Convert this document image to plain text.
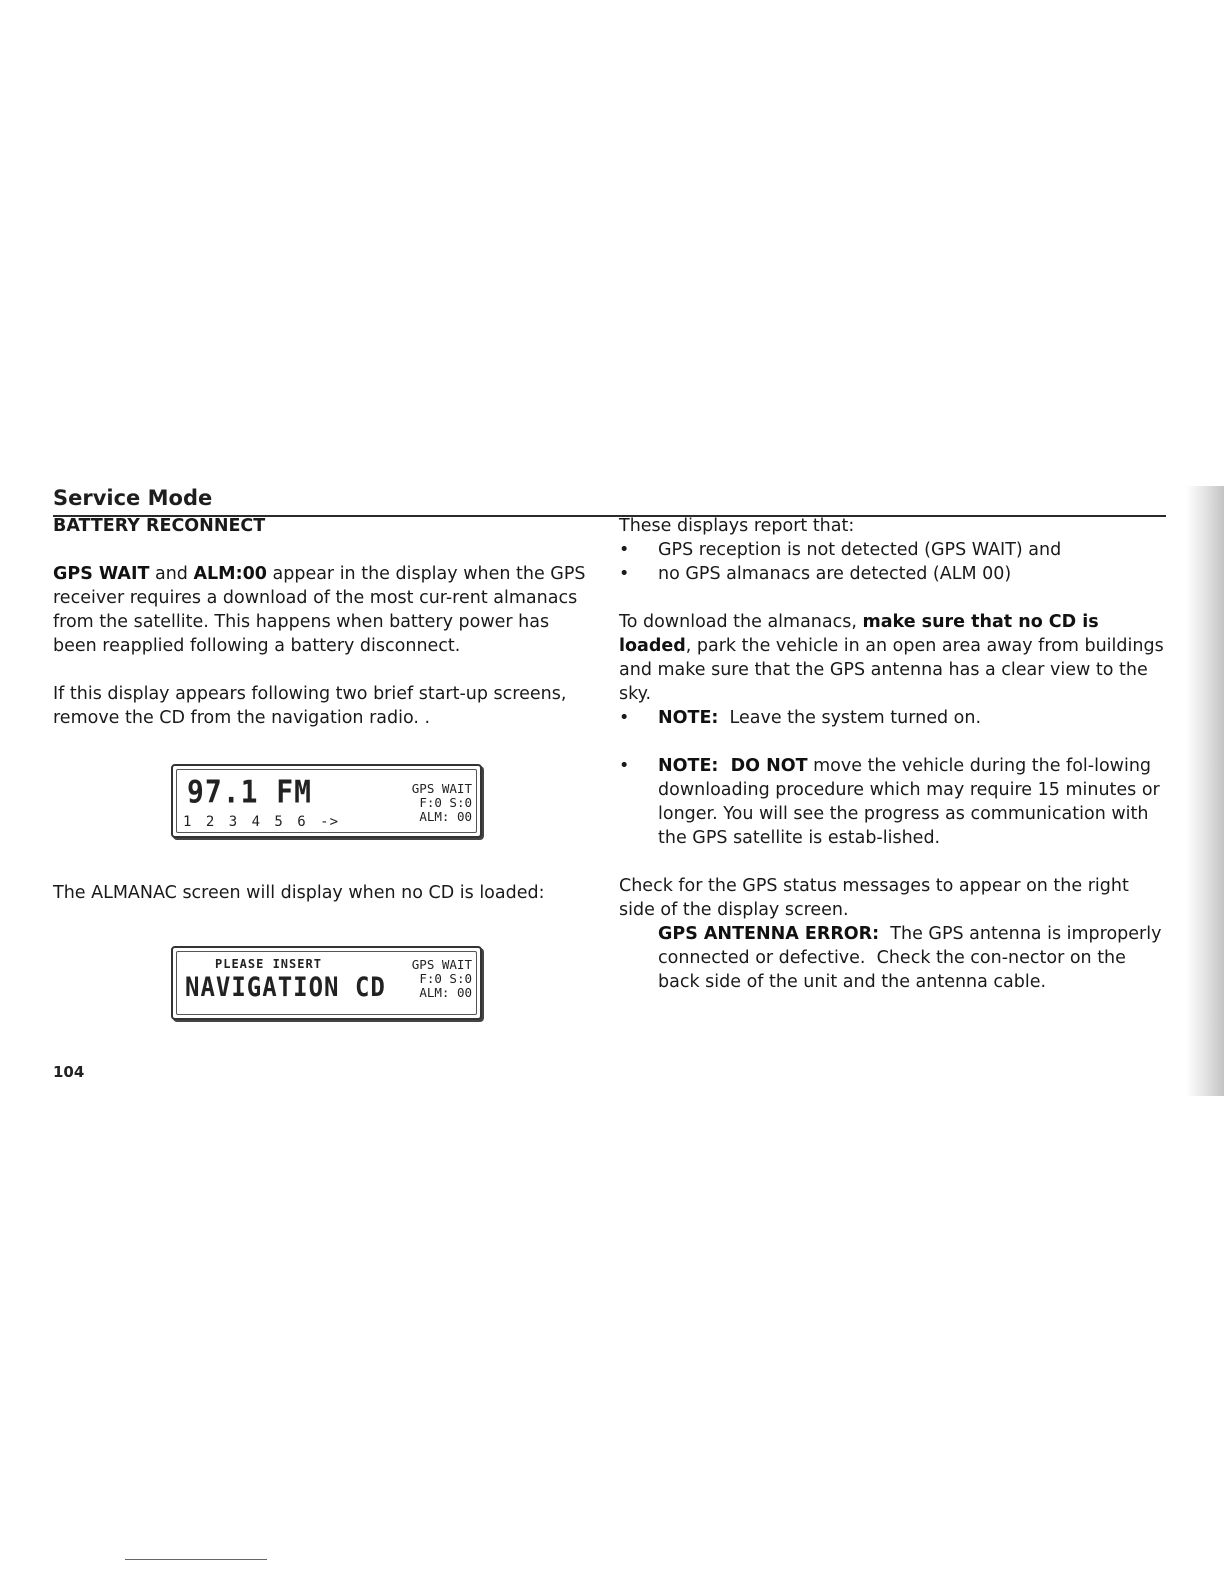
Service Mode

BATTERY RECONNECT

GPS WAIT and ALM:00 appear in the display when the GPS receiver requires a download of the most cur-rent almanacs from the satellite. This happens when battery power has been reapplied following a battery disconnect.

If this display appears following two brief start-up screens, remove the CD from the navigation radio. .

97.1 FM
1 2 3 4 5 6 ->
GPS WAIT
F:0 S:0
ALM: 00

The ALMANAC screen will display when no CD is loaded:

PLEASE INSERT
NAVIGATION CD
GPS WAIT
F:0 S:0
ALM: 00

These displays report that:

•	GPS reception is not detected (GPS WAIT) and

•	no GPS almanacs are detected (ALM 00)

To download the almanacs, make sure that no CD is loaded, park the vehicle in an open area away from buildings and make sure that the GPS antenna has a clear view to the sky.

•	NOTE:  Leave the system turned on.

•	NOTE:  DO NOT move the vehicle during the fol-lowing downloading procedure which may require 15 minutes or longer. You will see the progress as communication with the GPS satellite is estab-lished.

Check for the GPS status messages to appear on the right side of the display screen.

GPS ANTENNA ERROR:  The GPS antenna is improperly connected or defective.  Check the con-nector on the back side of the unit and the antenna cable.

104
